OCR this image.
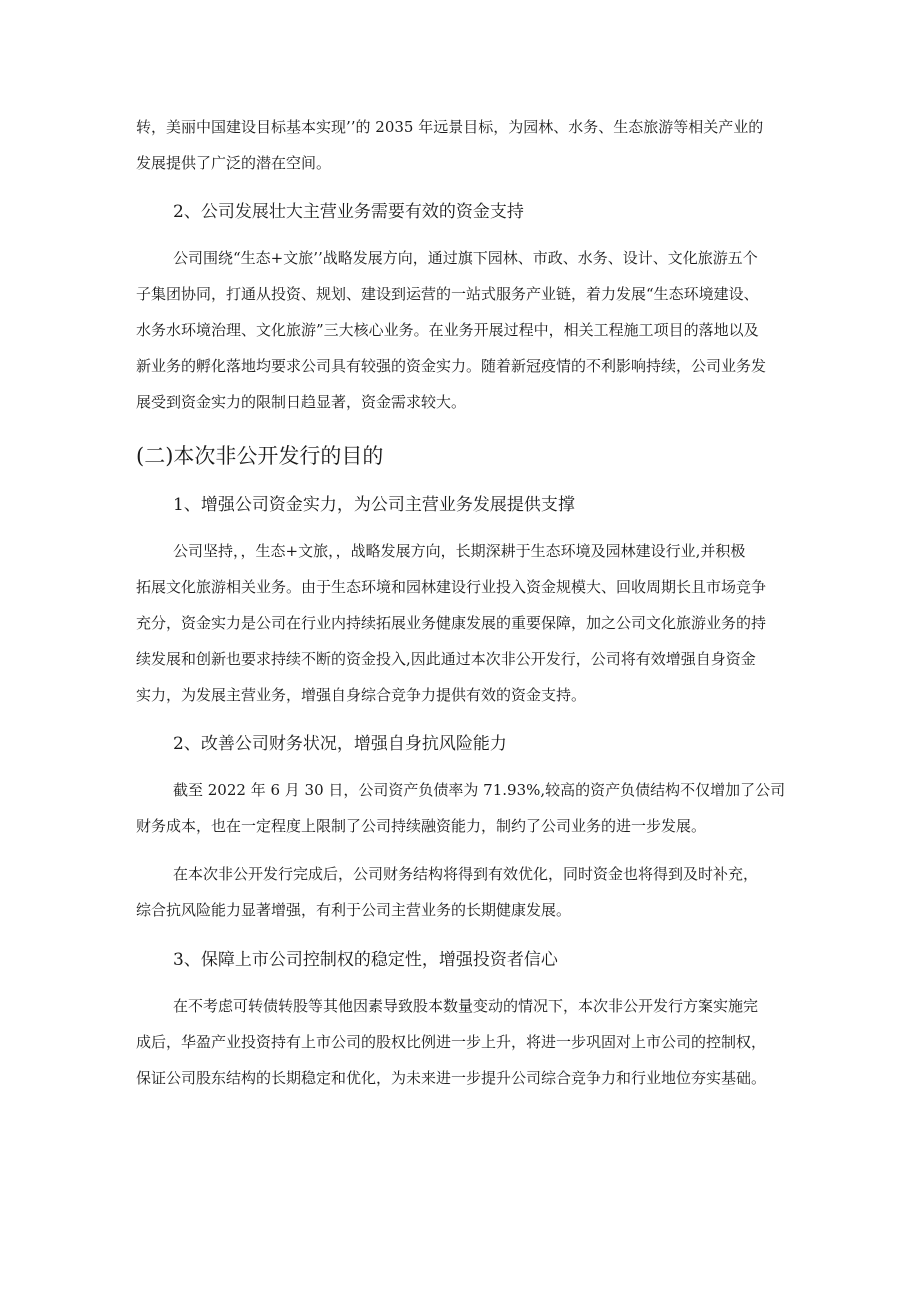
转，美丽中国建设目标基本实现’’的 2035 年远景目标，为园林、水务、生态旅游等相关产业的
发展提供了广泛的潜在空间。
2、公司发展壮大主营业务需要有效的资金支持
公司围绕“生态+文旅’’战略发展方向，通过旗下园林、市政、水务、设计、文化旅游五个
子集团协同，打通从投资、规划、建设到运营的一站式服务产业链，着力发展“生态环境建设、
水务水环境治理、文化旅游”三大核心业务。在业务开展过程中，相关工程施工项目的落地以及
新业务的孵化落地均要求公司具有较强的资金实力。随着新冠疫情的不利影响持续，公司业务发
展受到资金实力的限制日趋显著，资金需求较大。
(二)本次非公开发行的目的
1、增强公司资金实力，为公司主营业务发展提供支撑
公司坚持，，生态+文旅，，战略发展方向，长期深耕于生态环境及园林建设行业,并积极
拓展文化旅游相关业务。由于生态环境和园林建设行业投入资金规模大、回收周期长且市场竞争
充分，资金实力是公司在行业内持续拓展业务健康发展的重要保障，加之公司文化旅游业务的持
续发展和创新也要求持续不断的资金投入,因此通过本次非公开发行，公司将有效增强自身资金
实力，为发展主营业务，增强自身综合竞争力提供有效的资金支持。
2、改善公司财务状况，增强自身抗风险能力
截至 2022 年 6 月 30 日，公司资产负债率为 71.93%,较高的资产负债结构不仅增加了公司
财务成本，也在一定程度上限制了公司持续融资能力，制约了公司业务的进一步发展。
在本次非公开发行完成后，公司财务结构将得到有效优化，同时资金也将得到及时补充，
综合抗风险能力显著增强，有利于公司主营业务的长期健康发展。
3、保障上市公司控制权的稳定性，增强投资者信心
在不考虑可转债转股等其他因素导致股本数量变动的情况下，本次非公开发行方案实施完
成后，华盈产业投资持有上市公司的股权比例进一步上升，将进一步巩固对上市公司的控制权，
保证公司股东结构的长期稳定和优化，为未来进一步提升公司综合竞争力和行业地位夯实基础。
